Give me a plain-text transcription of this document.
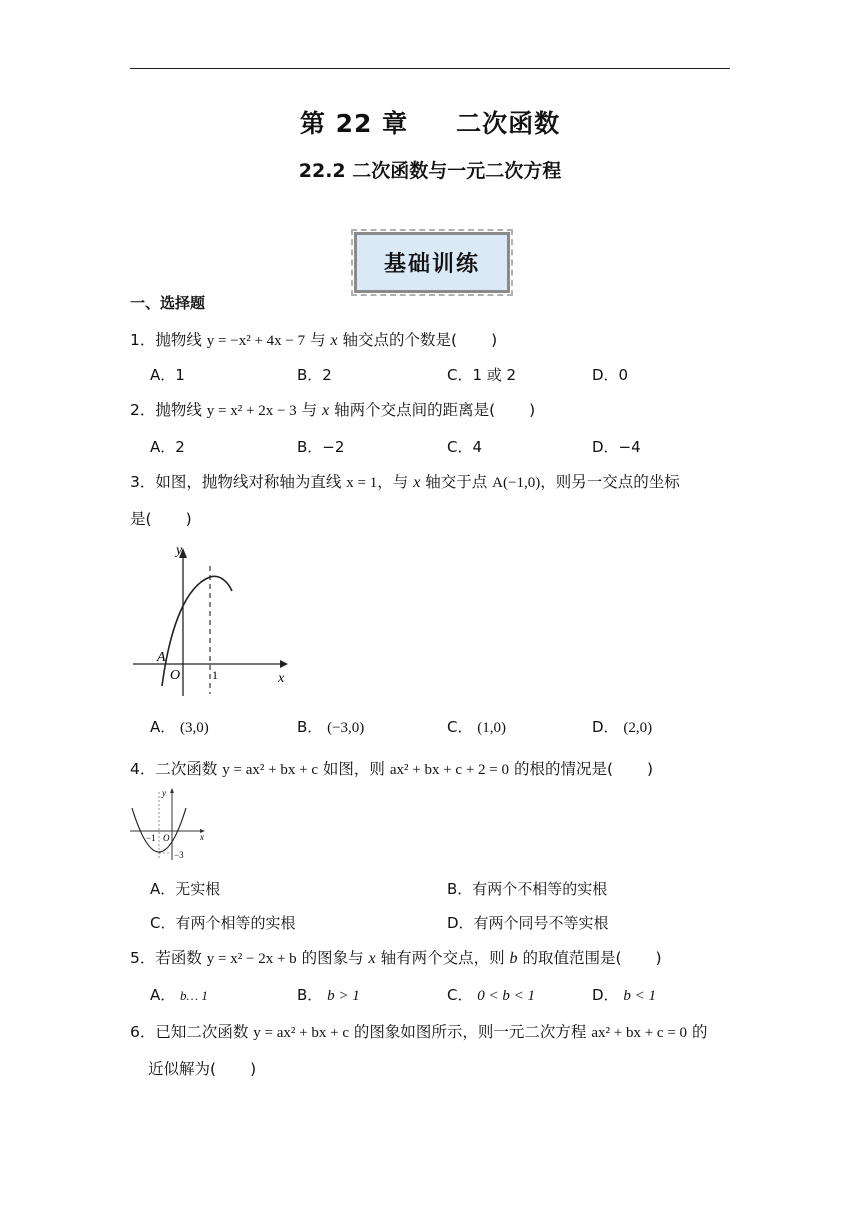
第 22 章 二次函数
22.2 二次函数与一元二次方程
基础训练
一、选择题
1．抛物线 y = −x² + 4x − 7 与 x 轴交点的个数是( )
A．1	B．2	C．1 或 2	D．0
2．抛物线 y = x² + 2x − 3 与 x 轴两个交点间的距离是( )
A．2	B．−2	C．4	D．−4
3．如图，抛物线对称轴为直线 x = 1，与 x 轴交于点 A(−1,0)，则另一交点的坐标
是( )
y
x
A
O	1
A． (3,0)	B． (−3,0)	C． (1,0)	D． (2,0)
4．二次函数 y = ax² + bx + c 如图，则 ax² + bx + c + 2 = 0 的根的情况是( )
y
x
−1 O
−3
A．无实根	B．有两个不相等的实根
C．有两个相等的实根	D．有两个同号不等实根
5．若函数 y = x² − 2x + b 的图象与 x 轴有两个交点，则 b 的取值范围是( )
A． b… 1	B． b > 1	C． 0 < b < 1	D． b < 1
6．已知二次函数 y = ax² + bx + c 的图象如图所示，则一元二次方程 ax² + bx + c = 0 的
近似解为( )
